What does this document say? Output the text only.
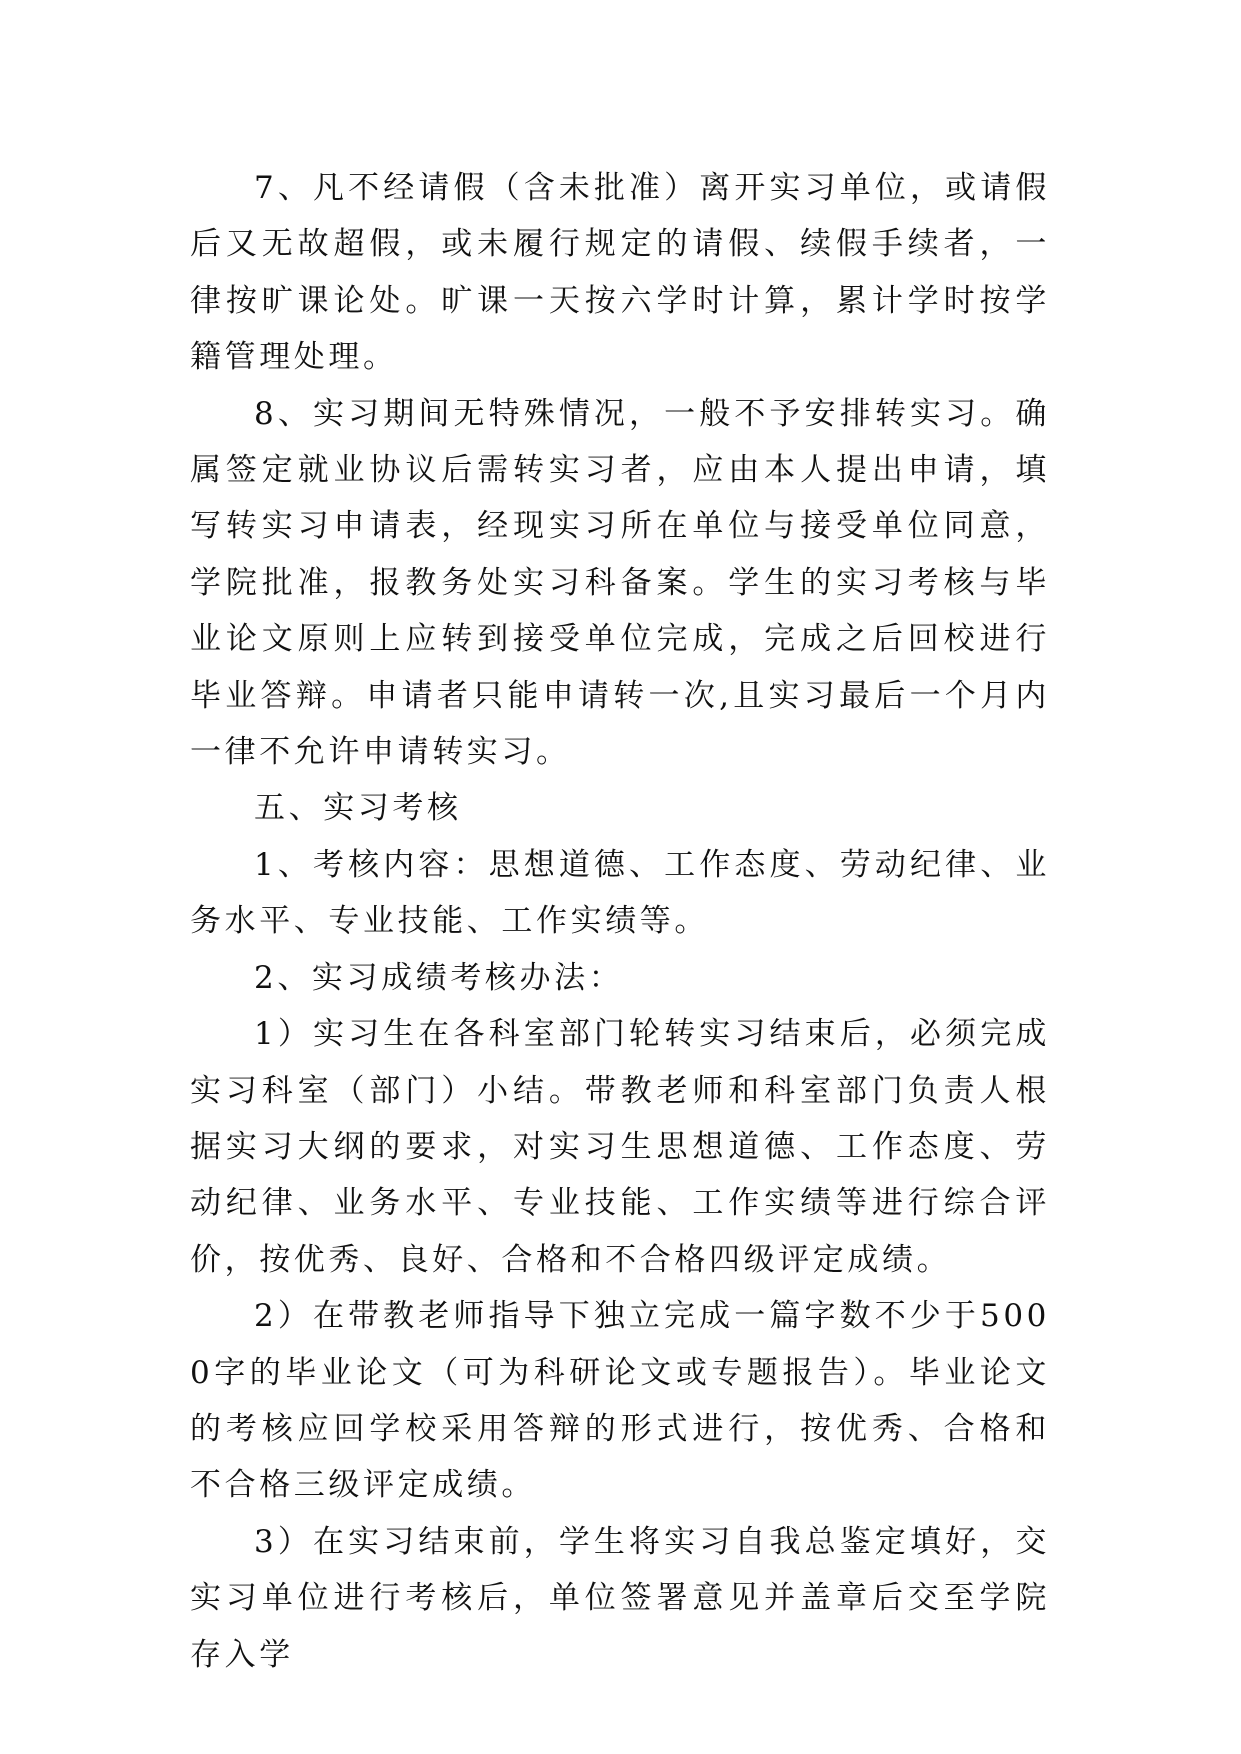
7、凡不经请假（含未批准）离开实习单位，或请假后又无故超假，或未履行规定的请假、续假手续者，一律按旷课论处。旷课一天按六学时计算，累计学时按学籍管理处理。

8、实习期间无特殊情况，一般不予安排转实习。确属签定就业协议后需转实习者，应由本人提出申请，填写转实习申请表，经现实习所在单位与接受单位同意，学院批准，报教务处实习科备案。学生的实习考核与毕业论文原则上应转到接受单位完成，完成之后回校进行毕业答辩。申请者只能申请转一次,且实习最后一个月内一律不允许申请转实习。

五、实习考核

1、考核内容：思想道德、工作态度、劳动纪律、业务水平、专业技能、工作实绩等。

2、实习成绩考核办法：

1）实习生在各科室部门轮转实习结束后，必须完成实习科室（部门）小结。带教老师和科室部门负责人根据实习大纲的要求，对实习生思想道德、工作态度、劳动纪律、业务水平、专业技能、工作实绩等进行综合评价，按优秀、良好、合格和不合格四级评定成绩。

2）在带教老师指导下独立完成一篇字数不少于5000字的毕业论文（可为科研论文或专题报告）。毕业论文的考核应回学校采用答辩的形式进行，按优秀、合格和不合格三级评定成绩。

3）在实习结束前，学生将实习自我总鉴定填好，交实习单位进行考核后，单位签署意见并盖章后交至学院存入学
